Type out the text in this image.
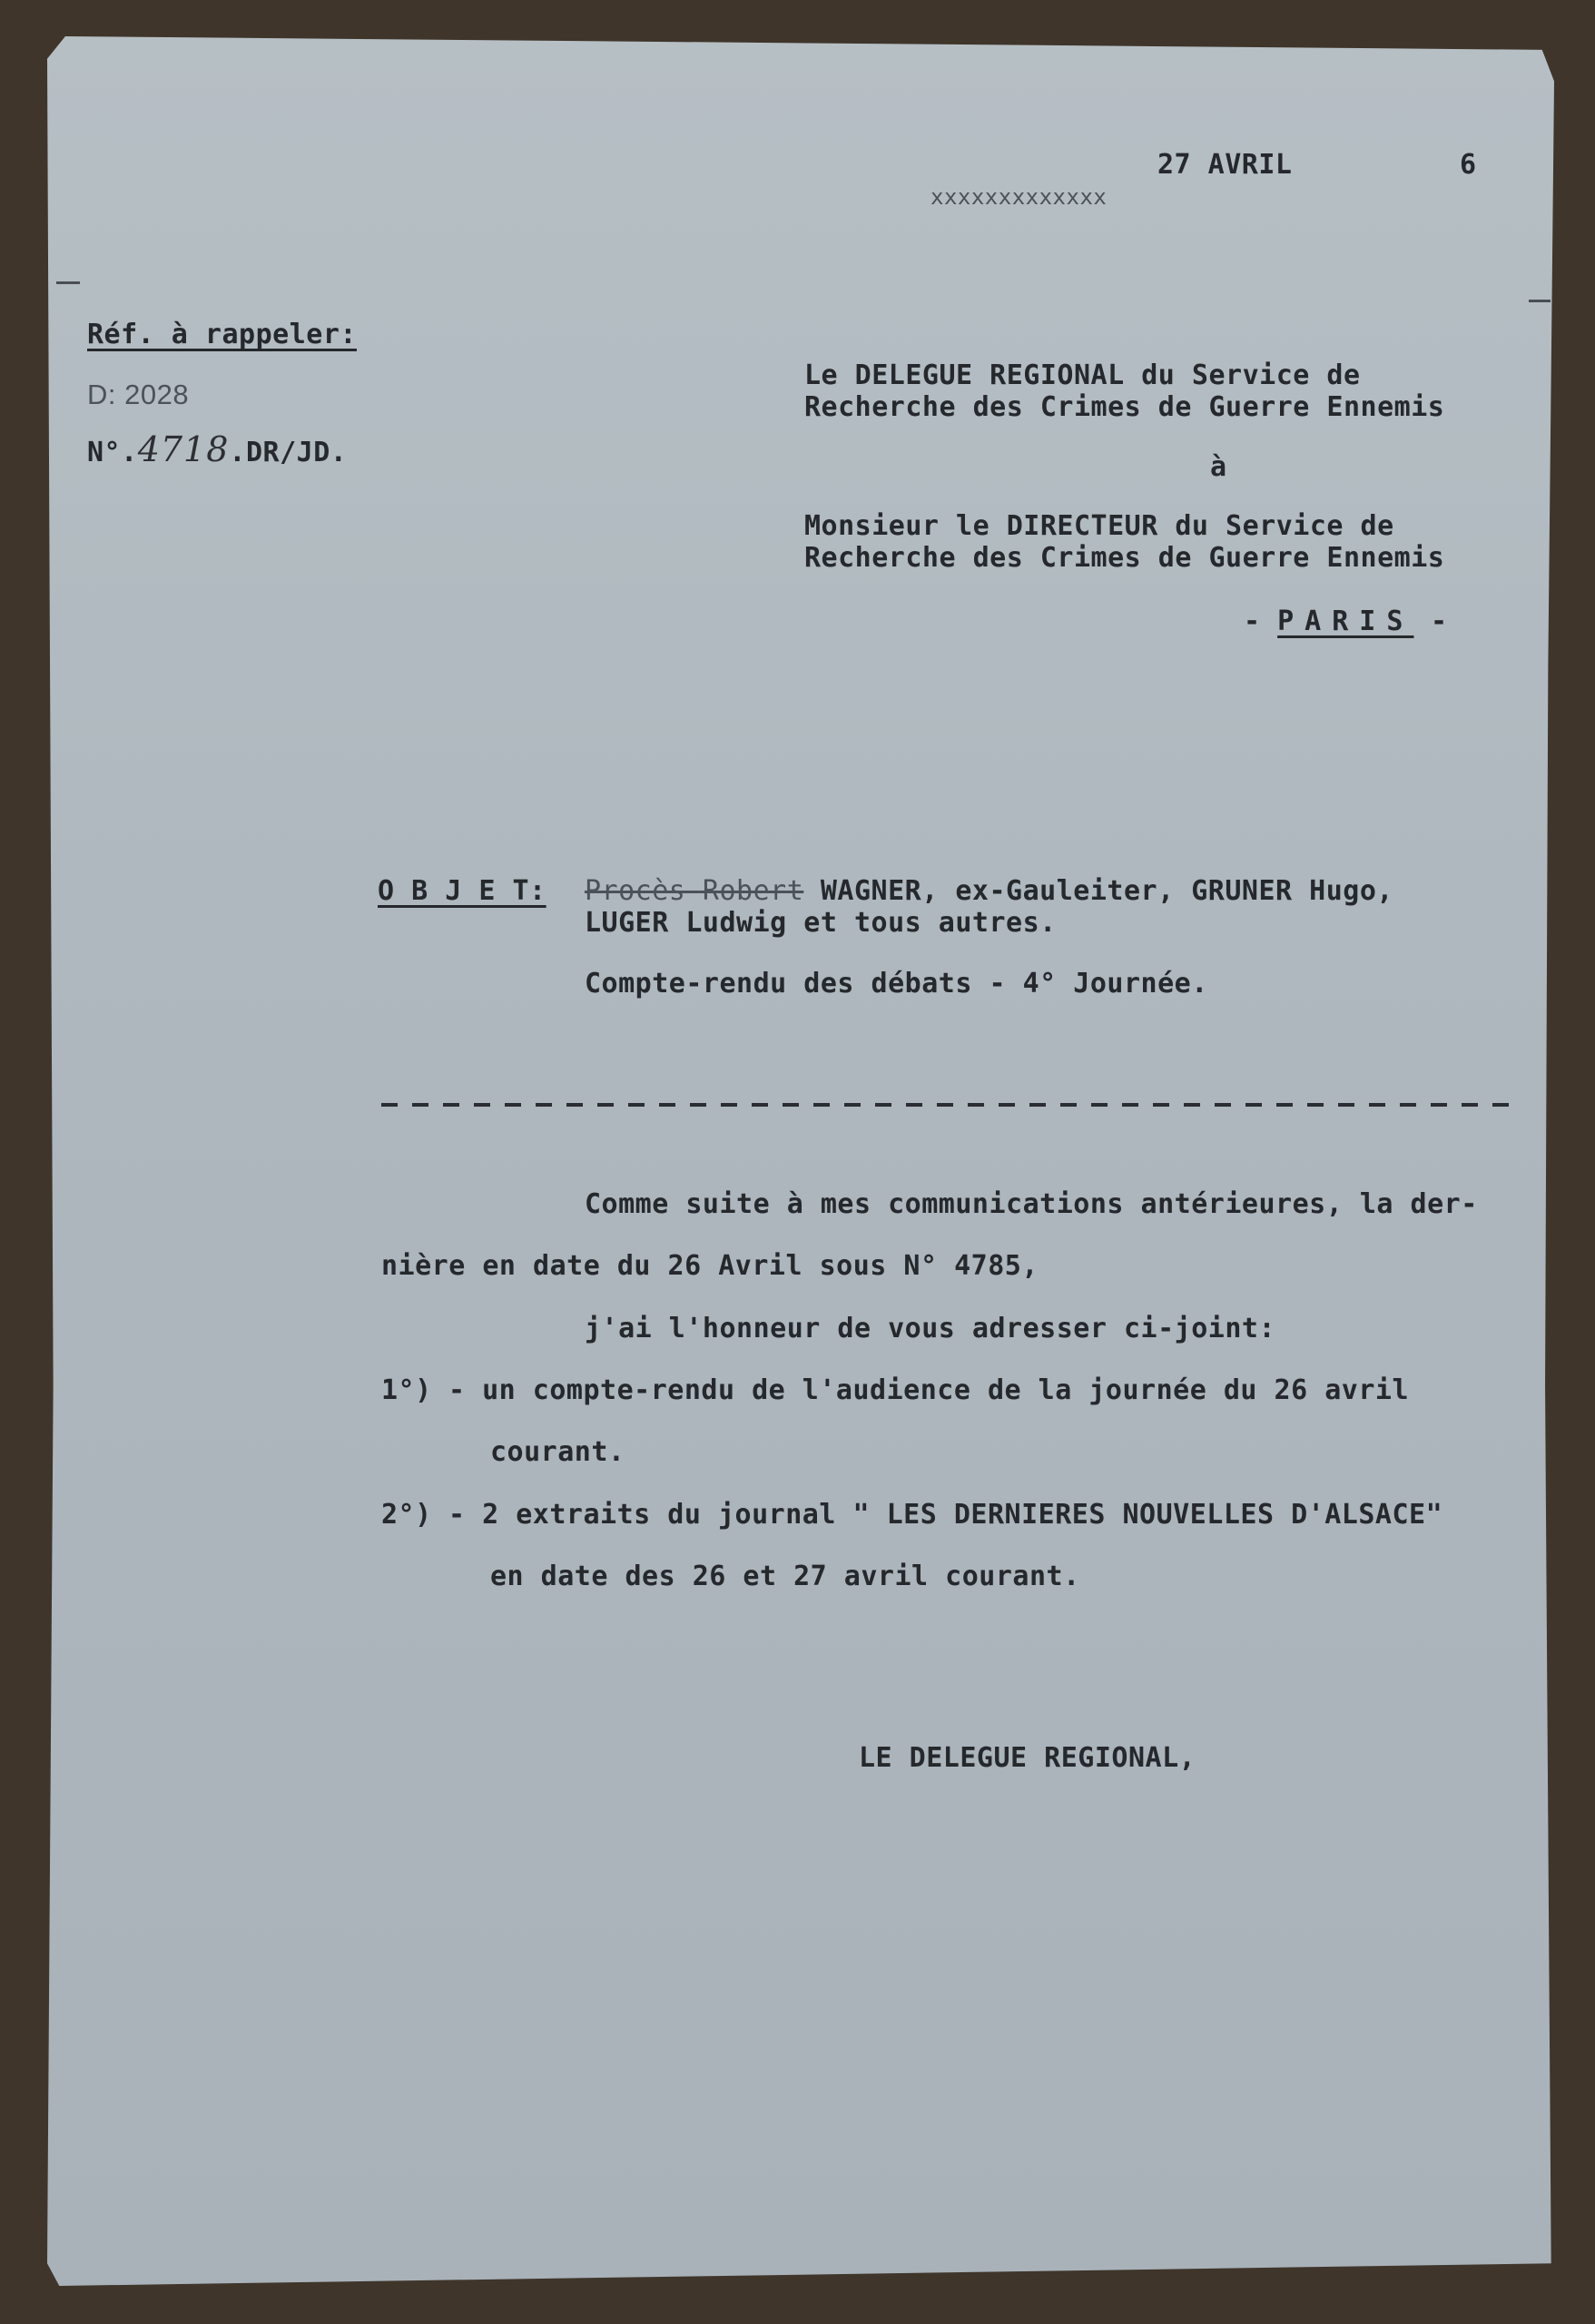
27 AVRIL	6
xxxxxxxxxxxxx
Réf. à rappeler:
D: 2028
N°.4718.DR/JD.
Le DELEGUE REGIONAL du Service de
Recherche des Crimes de Guerre Ennemis
à
Monsieur le DIRECTEUR du Service de
Recherche des Crimes de Guerre Ennemis
- PARIS -
O B J E T: Procès Robert WAGNER, ex-Gauleiter, GRUNER Hugo,
LUGER Ludwig et tous autres.
Compte-rendu des débats - 4° Journée.
Comme suite à mes communications antérieures, la der-
nière en date du 26 Avril sous N° 4785,
j'ai l'honneur de vous adresser ci-joint:
1°) - un compte-rendu de l'audience de la journée du 26 avril
courant.
2°) - 2 extraits du journal " LES DERNIERES NOUVELLES D'ALSACE"
en date des 26 et 27 avril courant.
LE DELEGUE REGIONAL,
